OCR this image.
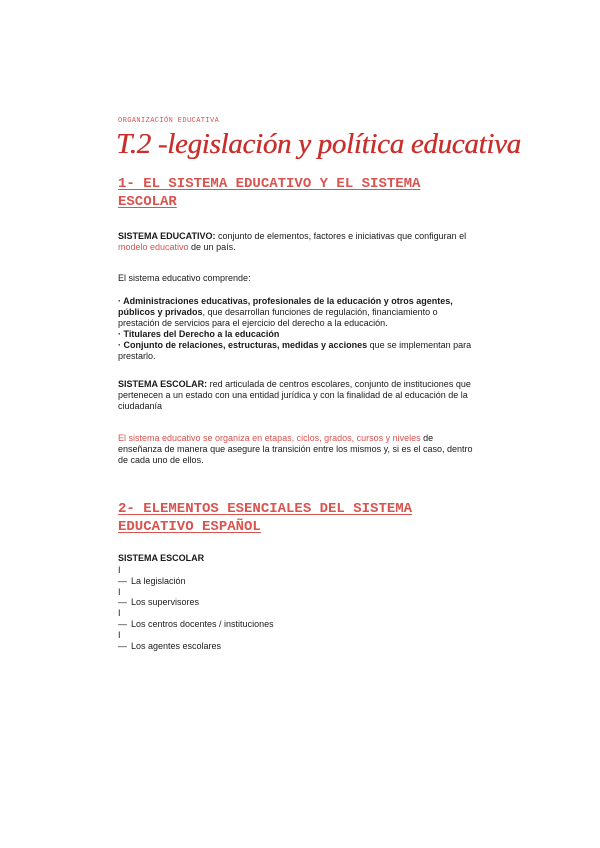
ORGANIZACIÓN EDUCATIVA
T.2 -legislación y política educativa
1- EL SISTEMA EDUCATIVO Y EL SISTEMA
ESCOLAR
SISTEMA EDUCATIVO: conjunto de elementos, factores e iniciativas que configuran el modelo educativo de un país.
El sistema educativo comprende:
· Administraciones educativas, profesionales de la educación y otros agentes, públicos y privados, que desarrollan funciones de regulación, financiamiento o prestación de servicios para el ejercicio del derecho a la educación.
· Titulares del Derecho a la educación
· Conjunto de relaciones, estructuras, medidas y acciones que se implementan para prestarlo.
SISTEMA ESCOLAR: red articulada de centros escolares, conjunto de instituciones que pertenecen a un estado con una entidad jurídica y con la finalidad de al educación de la ciudadanía
El sistema educativo se organiza en etapas, ciclos, grados, cursos y niveles de enseñanza de manera que asegure la transición entre los mismos y, si es el caso, dentro de cada uno de ellos.
2- ELEMENTOS ESENCIALES DEL SISTEMA
EDUCATIVO ESPAÑOL
SISTEMA ESCOLAR
I
— La legislación
I
— Los supervisores
I
— Los centros docentes / instituciones
I
— Los agentes escolares
